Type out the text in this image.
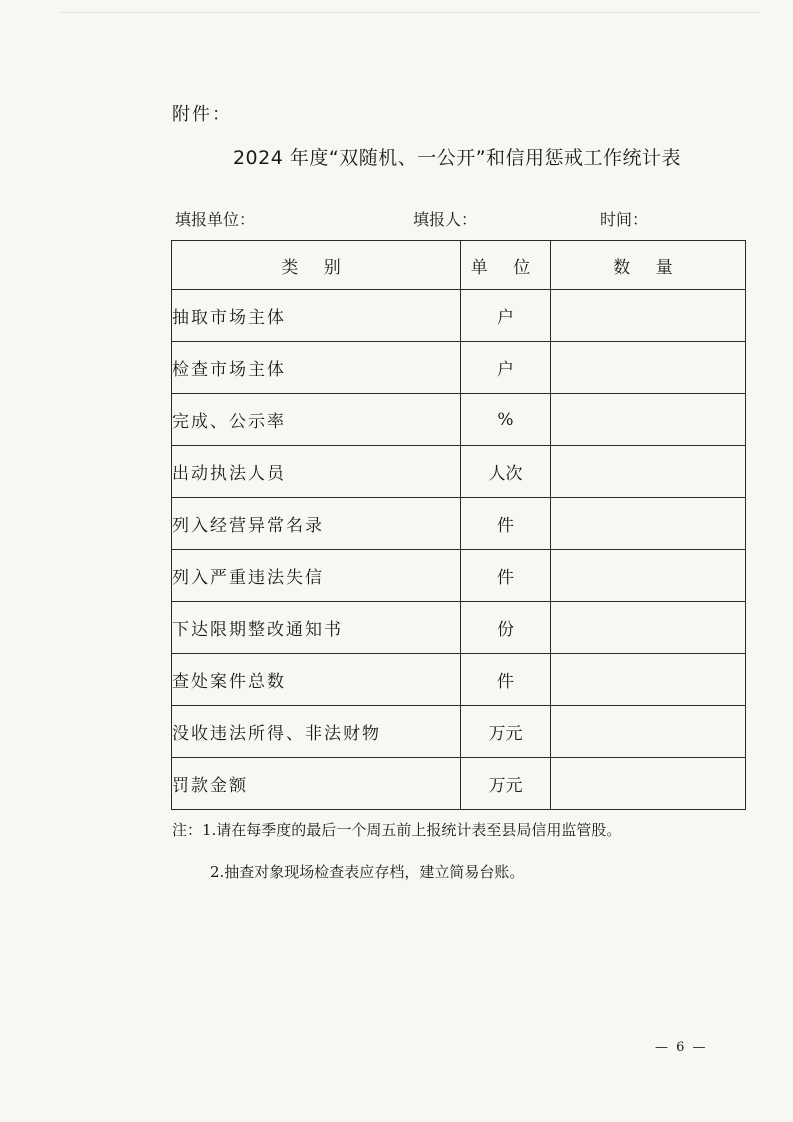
附件：
2024 年度“双随机、一公开”和信用惩戒工作统计表
填报单位：	填报人：	时间：
类 别	单 位	数 量
抽取市场主体	户	
检查市场主体	户	
完成、公示率	%	
出动执法人员	人次	
列入经营异常名录	件	
列入严重违法失信	件	
下达限期整改通知书	份	
查处案件总数	件	
没收违法所得、非法财物	万元	
罚款金额	万元	
注：1.请在每季度的最后一个周五前上报统计表至县局信用监管股。
2.抽查对象现场检查表应存档，建立简易台账。
— 6 —
